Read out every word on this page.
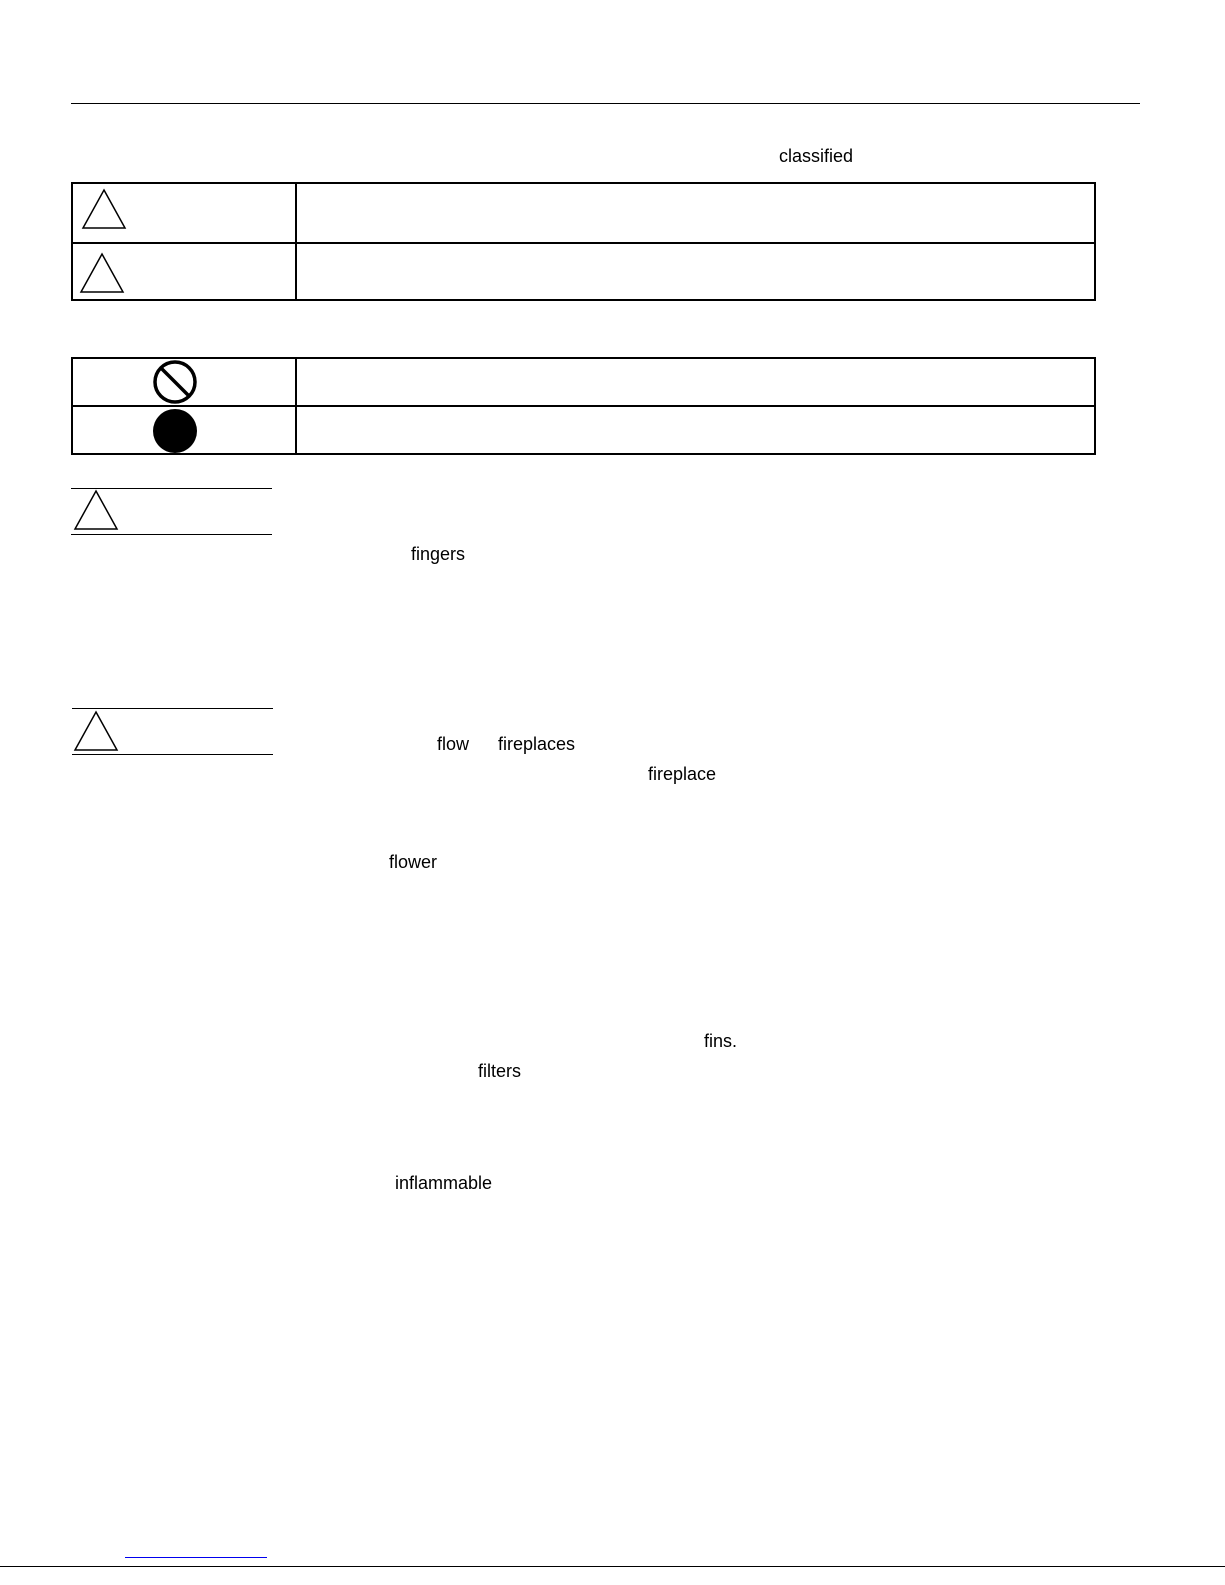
classified
fingers
flow fireplaces
fireplace
flower
fins.
filters
inflammable
